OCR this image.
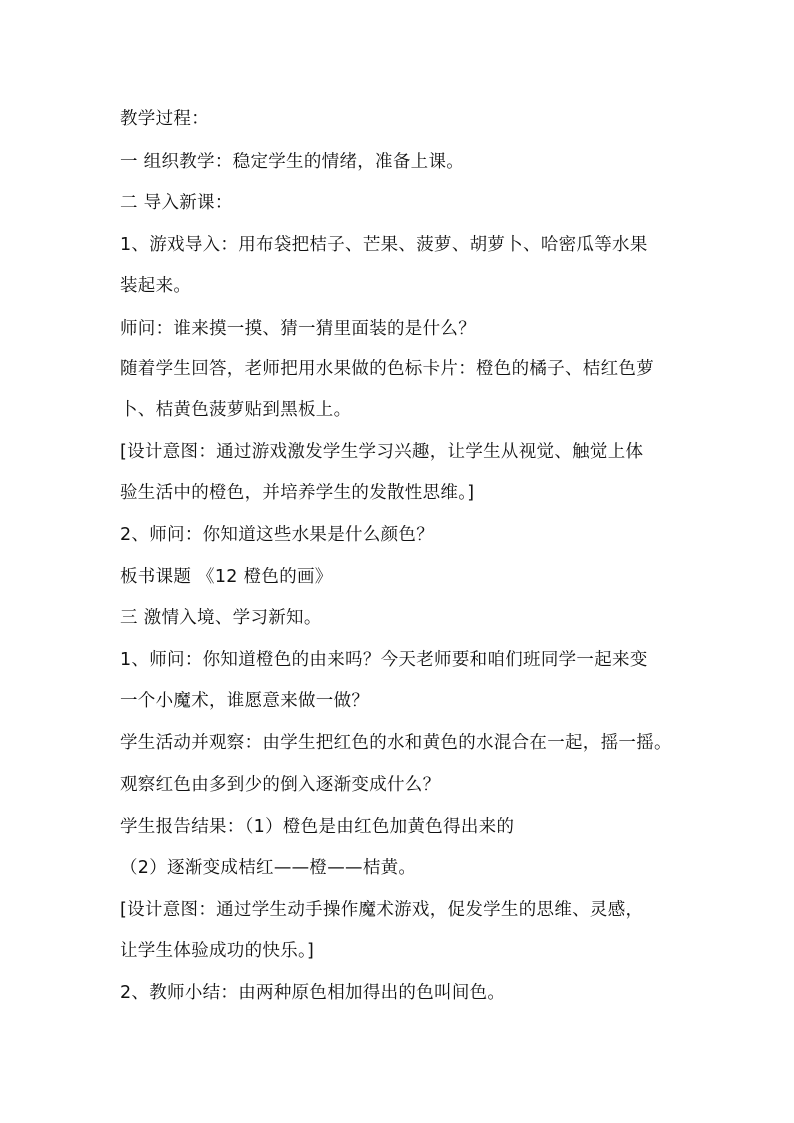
教学过程：
一 组织教学：稳定学生的情绪，准备上课。
二 导入新课：
1、游戏导入：用布袋把桔子、芒果、菠萝、胡萝卜、哈密瓜等水果
装起来。
师问：谁来摸一摸、猜一猜里面装的是什么？
随着学生回答，老师把用水果做的色标卡片：橙色的橘子、桔红色萝
卜、桔黄色菠萝贴到黑板上。
[设计意图：通过游戏激发学生学习兴趣，让学生从视觉、触觉上体
验生活中的橙色，并培养学生的发散性思维。]
2、师问：你知道这些水果是什么颜色？
板书课题 《12 橙色的画》
三 激情入境、学习新知。
1、师问：你知道橙色的由来吗？今天老师要和咱们班同学一起来变
一个小魔术，谁愿意来做一做？
学生活动并观察：由学生把红色的水和黄色的水混合在一起，摇一摇。
观察红色由多到少的倒入逐渐变成什么？
学生报告结果：（1）橙色是由红色加黄色得出来的
（2）逐渐变成桔红——橙——桔黄。
[设计意图：通过学生动手操作魔术游戏，促发学生的思维、灵感，
让学生体验成功的快乐。]
2、教师小结：由两种原色相加得出的色叫间色。
